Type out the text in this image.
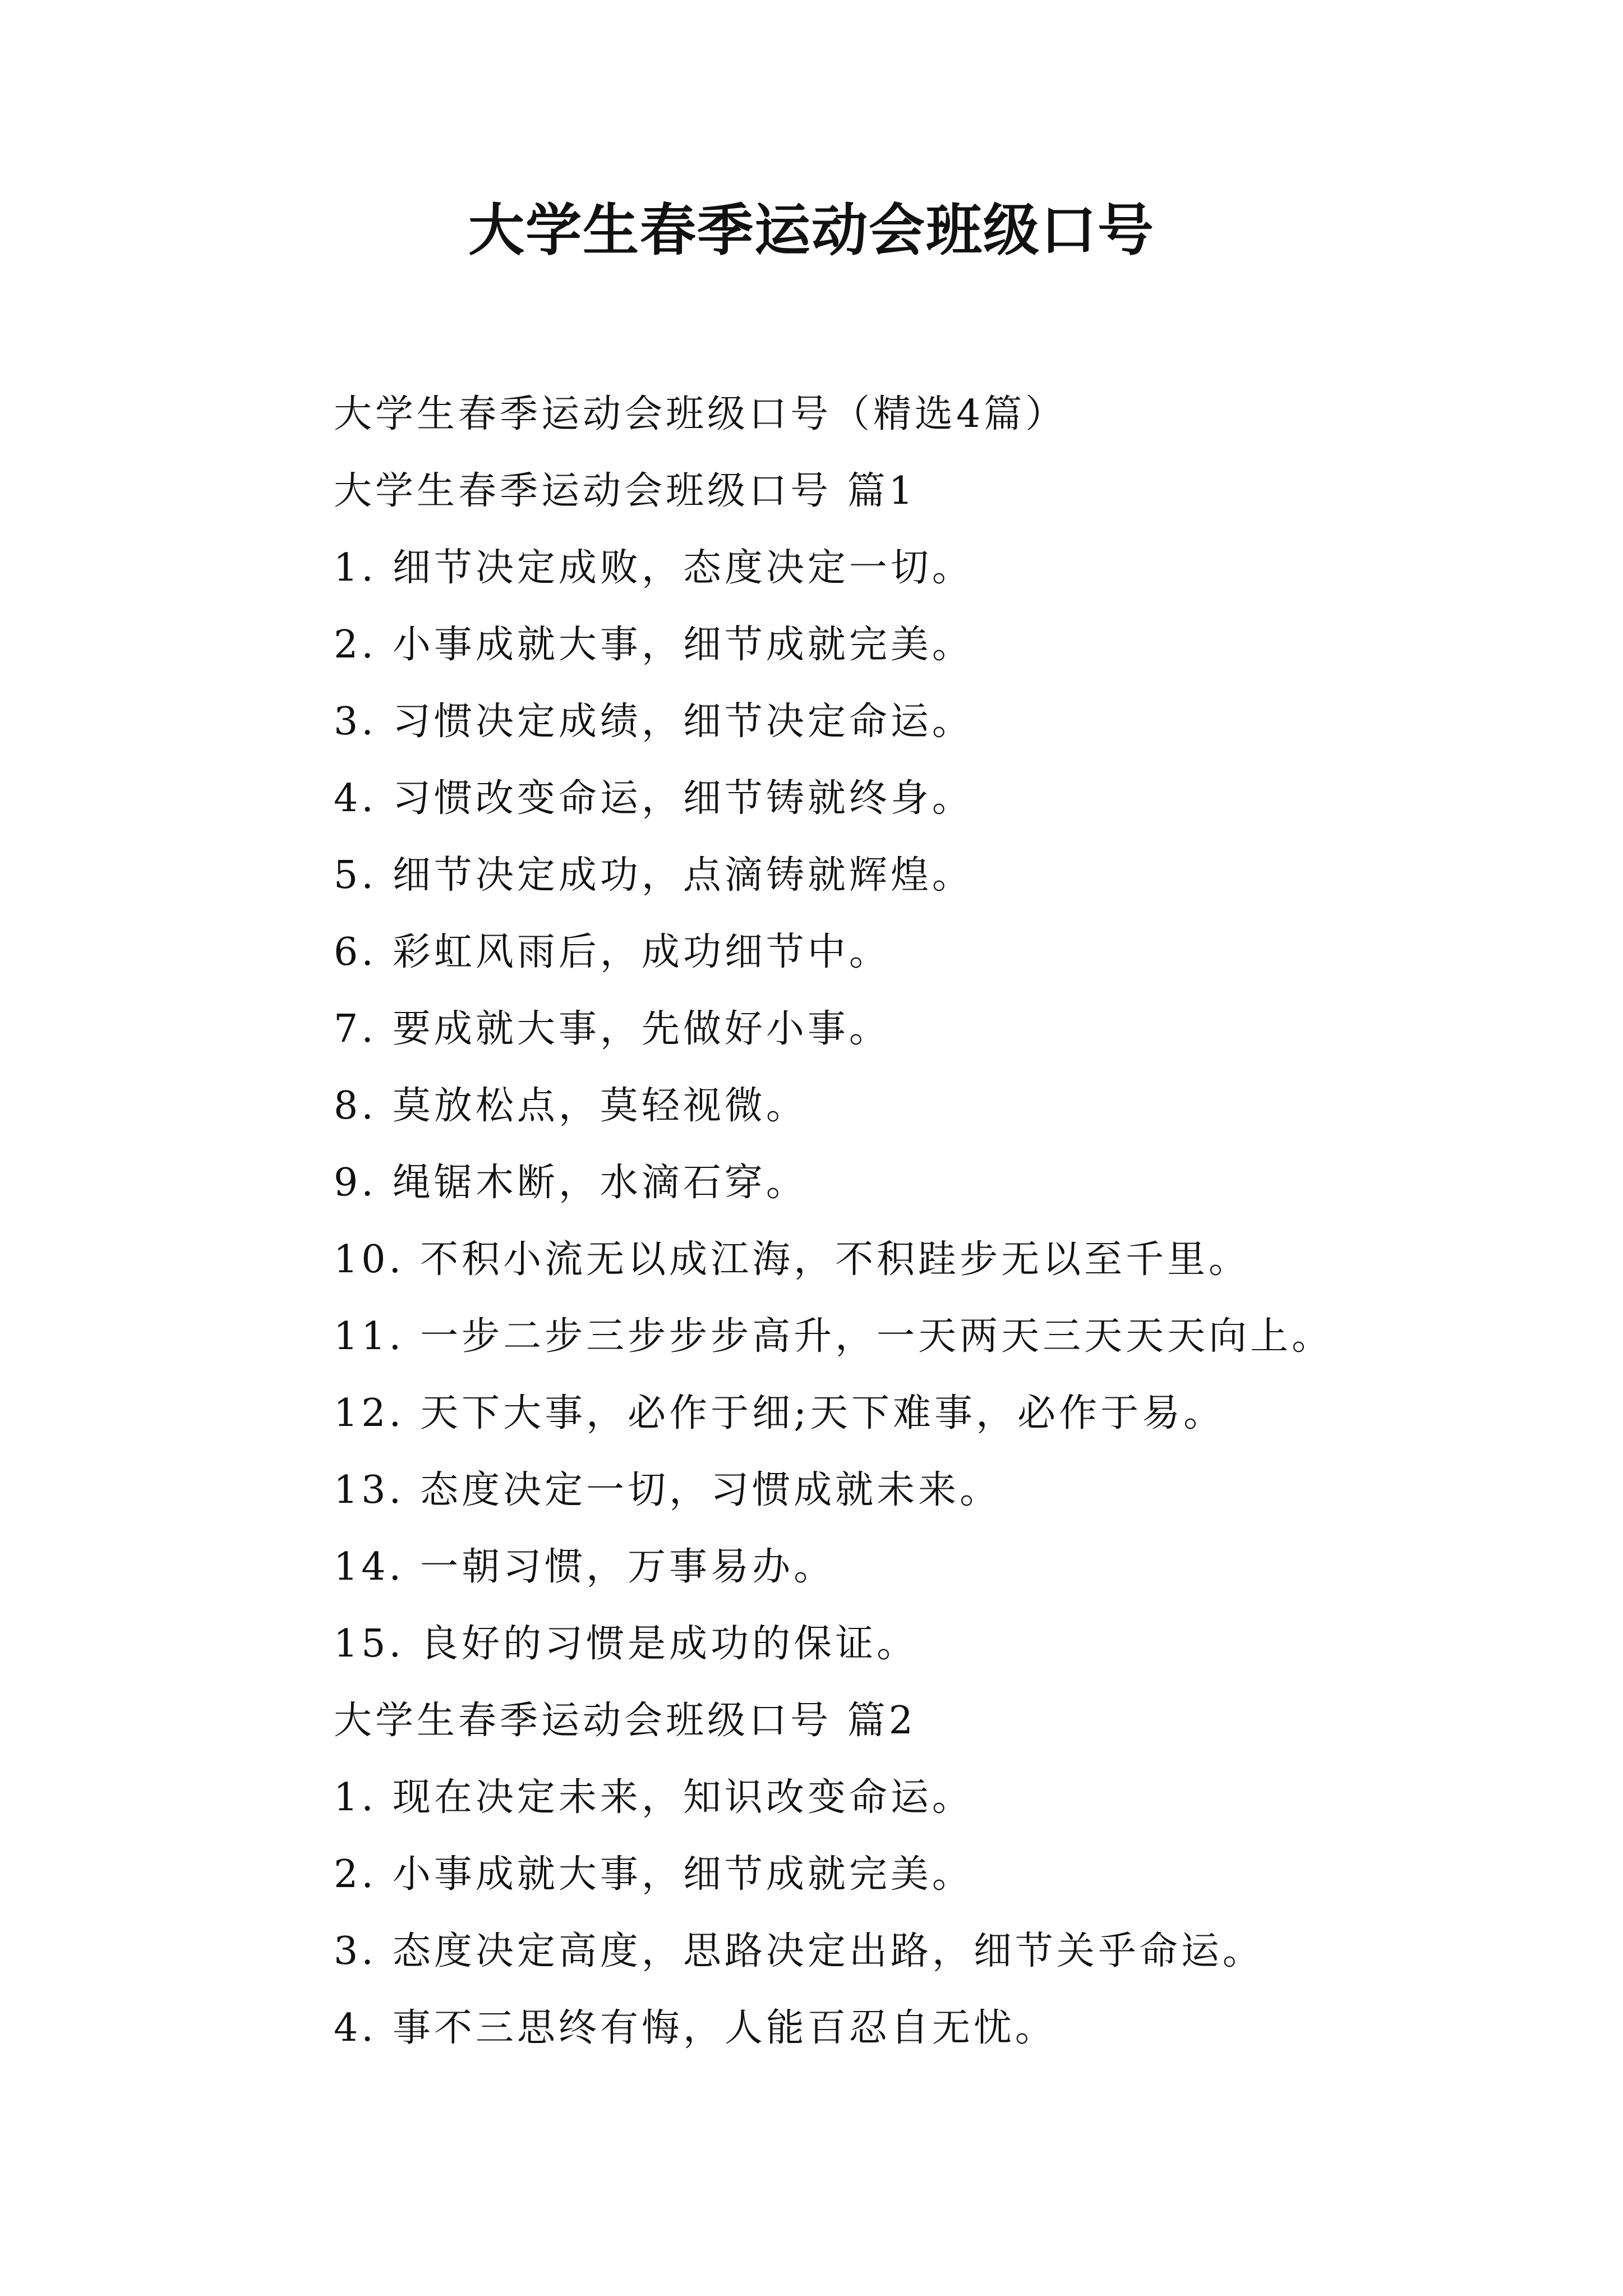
大学生春季运动会班级口号
大学生春季运动会班级口号（精选4篇）
大学生春季运动会班级口号 篇1
1. 细节决定成败，态度决定一切。
2. 小事成就大事，细节成就完美。
3. 习惯决定成绩，细节决定命运。
4. 习惯改变命运，细节铸就终身。
5. 细节决定成功，点滴铸就辉煌。
6. 彩虹风雨后，成功细节中。
7. 要成就大事，先做好小事。
8. 莫放松点，莫轻视微。
9. 绳锯木断，水滴石穿。
10. 不积小流无以成江海，不积跬步无以至千里。
11. 一步二步三步步步高升，一天两天三天天天向上。
12. 天下大事，必作于细;天下难事，必作于易。
13. 态度决定一切，习惯成就未来。
14. 一朝习惯，万事易办。
15. 良好的习惯是成功的保证。
大学生春季运动会班级口号 篇2
1. 现在决定未来，知识改变命运。
2. 小事成就大事，细节成就完美。
3. 态度决定高度，思路决定出路，细节关乎命运。
4. 事不三思终有悔，人能百忍自无忧。
